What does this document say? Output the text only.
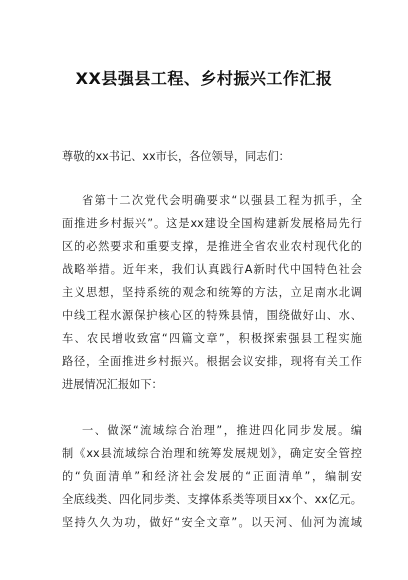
XX县强县工程、乡村振兴工作汇报
尊敬的xx书记、xx市长，各位领导，同志们：
省第十二次党代会明确要求“以强县工程为抓手，全
面推进乡村振兴”。这是xx建设全国构建新发展格局先行
区的必然要求和重要支撑，是推进全省农业农村现代化的
战略举措。近年来，我们认真践行A新时代中国特色社会
主义思想，坚持系统的观念和统筹的方法，立足南水北调
中线工程水源保护核心区的特殊县情，围绕做好山、水、
车、农民增收致富“四篇文章”，积极探索强县工程实施
路径，全面推进乡村振兴。根据会议安排，现将有关工作
进展情况汇报如下：
一、做深“流域综合治理”，推进四化同步发展。编
制《xx县流域综合治理和统筹发展规划》，确定安全管控
的“负面清单”和经济社会发展的“正面清单”，编制安
全底线类、四化同步类、支撑体系类等项目xx个、xx亿元。
坚持久久为功，做好“安全文章”。以天河、仙河为流域
